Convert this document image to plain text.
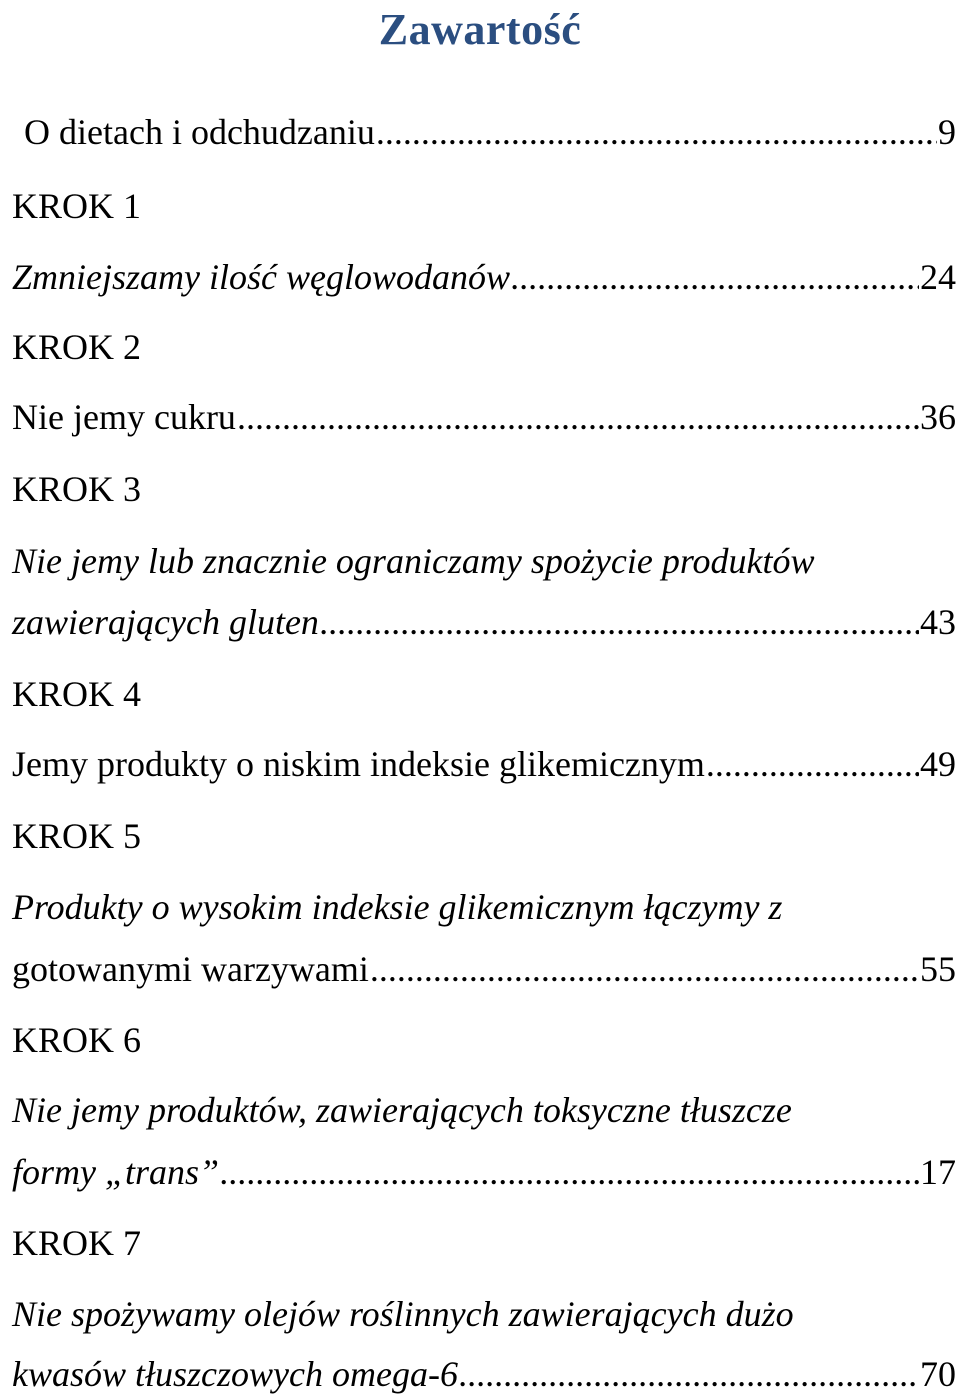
Zawartość
O dietach i odchudzaniu .....	9
KROK 1
Zmniejszamy ilość węglowodanów .....	24
KROK 2
Nie jemy cukru .....	36
KROK 3
Nie jemy lub znacznie ograniczamy spożycie produktów
zawierających gluten .....	43
KROK 4
Jemy produkty o niskim indeksie glikemicznym .....	49
KROK 5
Produkty o wysokim indeksie glikemicznym łączymy z
gotowanymi warzywami .....	55
KROK 6
Nie jemy produktów, zawierających toksyczne tłuszcze
formy „trans” .....	17
KROK 7
Nie spożywamy olejów roślinnych zawierających dużo
kwasów tłuszczowych omega-6 .....	70
